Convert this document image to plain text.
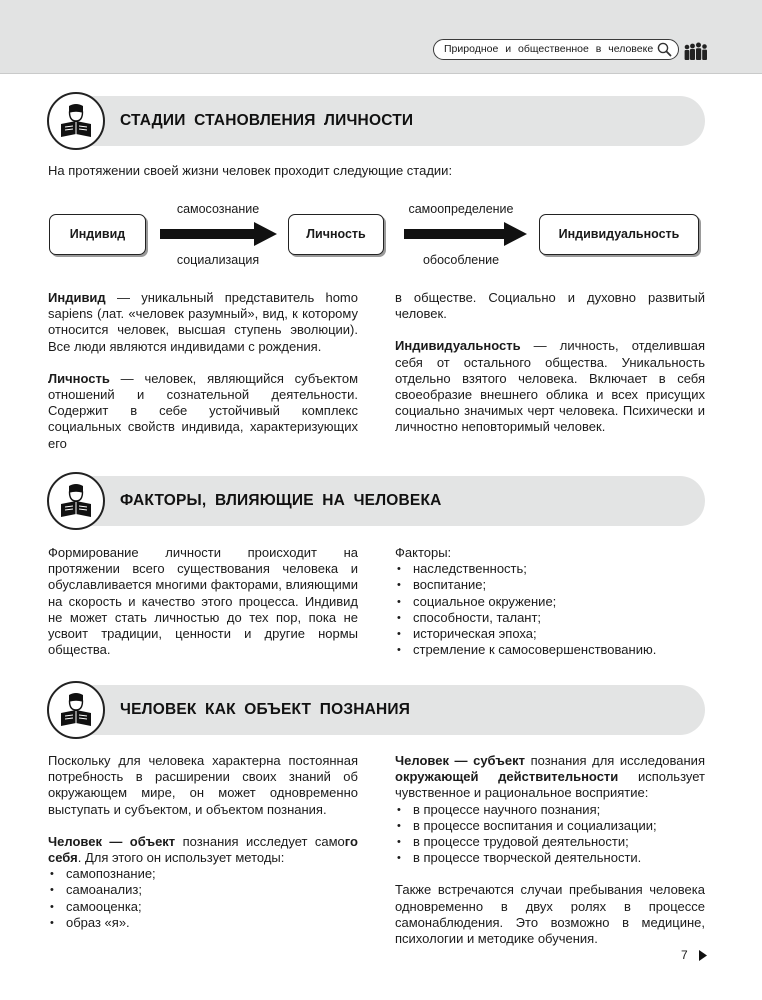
Природное и общественное в человеке
СТАДИИ СТАНОВЛЕНИЯ ЛИЧНОСТИ
На протяжении своей жизни человек проходит следующие стадии:
Индивид	Личность	Индивидуальность
самосознание
социализация
самоопределение
обособление

Индивид — уникальный представитель homo sapiens (лат. «человек разумный», вид, к которому относится человек, высшая ступень эволюции). Все люди являются индивидами с рождения.

Личность — человек, являющийся субъектом отношений и сознательной деятельности. Содержит в себе устойчивый комплекс социальных свойств индивида, характеризующих его

в обществе. Социально и духовно развитый человек.

Индивидуальность — личность, отделившая себя от остального общества. Уникальность отдельно взятого человека. Включает в себя своеобразие внешнего облика и всех присущих социально значимых черт человека. Психически и личностно неповторимый человек.

ФАКТОРЫ, ВЛИЯЮЩИЕ НА ЧЕЛОВЕКА
Формирование личности происходит на протяжении всего существования человека и обуславливается многими факторами, влияющими на скорость и качество этого процесса. Индивид не может стать личностью до тех пор, пока не усвоит традиции, ценности и другие нормы общества.

Факторы:

• наследственность;
• воспитание;
• социальное окружение;
• способности, талант;
• историческая эпоха;
• стремление к самосовершенствованию.
ЧЕЛОВЕК КАК ОБЪЕКТ ПОЗНАНИЯ

Поскольку для человека характерна постоянная потребность в расширении своих знаний об окружающем мире, он может одновременно выступать и субъектом, и объектом познания.

Человек — объект познания исследует самого себя. Для этого он использует методы:

• самопознание;
• самоанализ;
• самооценка;
• образ «я».

Человек — субъект познания для исследования окружающей действительности использует чувственное и рациональное восприятие:

• в процессе научного познания;
• в процессе воспитания и социализации;
• в процессе трудовой деятельности;
• в процессе творческой деятельности.

Также встречаются случаи пребывания человека одновременно в двух ролях в процессе самонаблюдения. Это возможно в медицине, психологии и методике обучения.

7
